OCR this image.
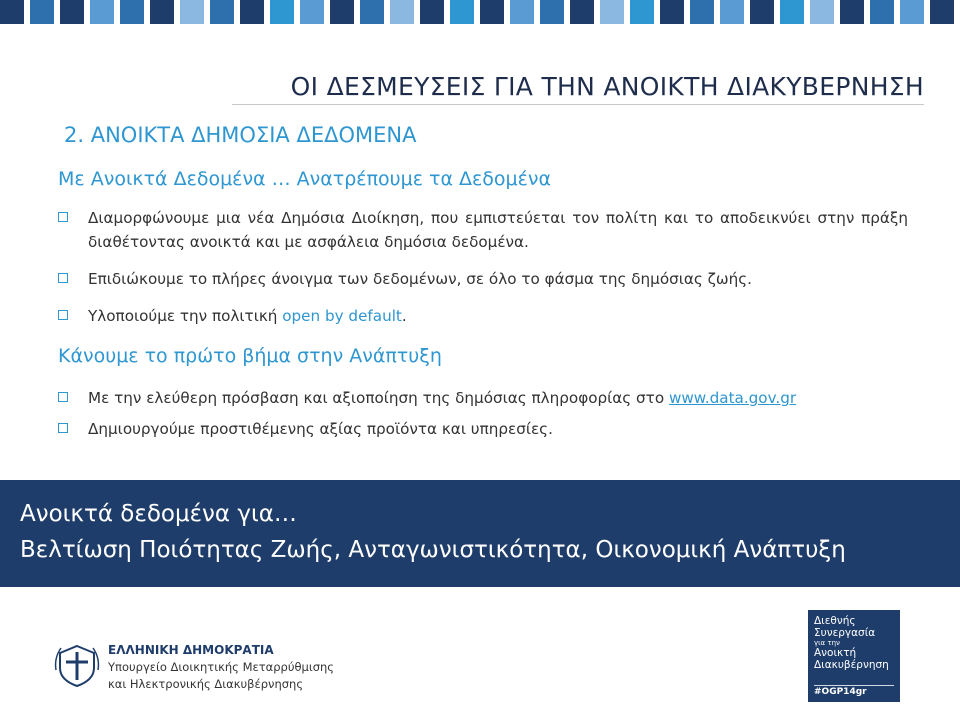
ΟΙ ΔΕΣΜΕΥΣΕΙΣ ΓΙΑ ΤΗΝ ΑΝΟΙΚΤΗ ΔΙΑΚΥΒΕΡΝΗΣΗ
2. ΑΝΟΙΚΤΑ ΔΗΜΟΣΙΑ ΔΕΔΟΜΕΝΑ
Με Ανοικτά Δεδομένα … Ανατρέπουμε τα Δεδομένα
Διαμορφώνουμε μια νέα Δημόσια Διοίκηση, που εμπιστεύεται τον πολίτη και το αποδεικνύει στην πράξη διαθέτοντας ανοικτά και με ασφάλεια δημόσια δεδομένα.
Επιδιώκουμε το πλήρες άνοιγμα των δεδομένων, σε όλο το φάσμα της δημόσιας ζωής.
Υλοποιούμε την πολιτική open by default.
Κάνουμε το πρώτο βήμα στην Ανάπτυξη
Με την ελεύθερη πρόσβαση και αξιοποίηση της δημόσιας πληροφορίας στο www.data.gov.gr
Δημιουργούμε προστιθέμενης αξίας προϊόντα και υπηρεσίες.
Ανοικτά δεδομένα για…
Βελτίωση Ποιότητας Ζωής, Ανταγωνιστικότητα, Οικονομική Ανάπτυξη
ΕΛΛΗΝΙΚΗ ΔΗΜΟΚΡΑΤΙΑ
Υπουργείο Διοικητικής Μεταρρύθμισης
και Ηλεκτρονικής Διακυβέρνησης
Διεθνής
Συνεργασία
για την
Ανοικτή
Διακυβέρνηση
#OGP14gr
